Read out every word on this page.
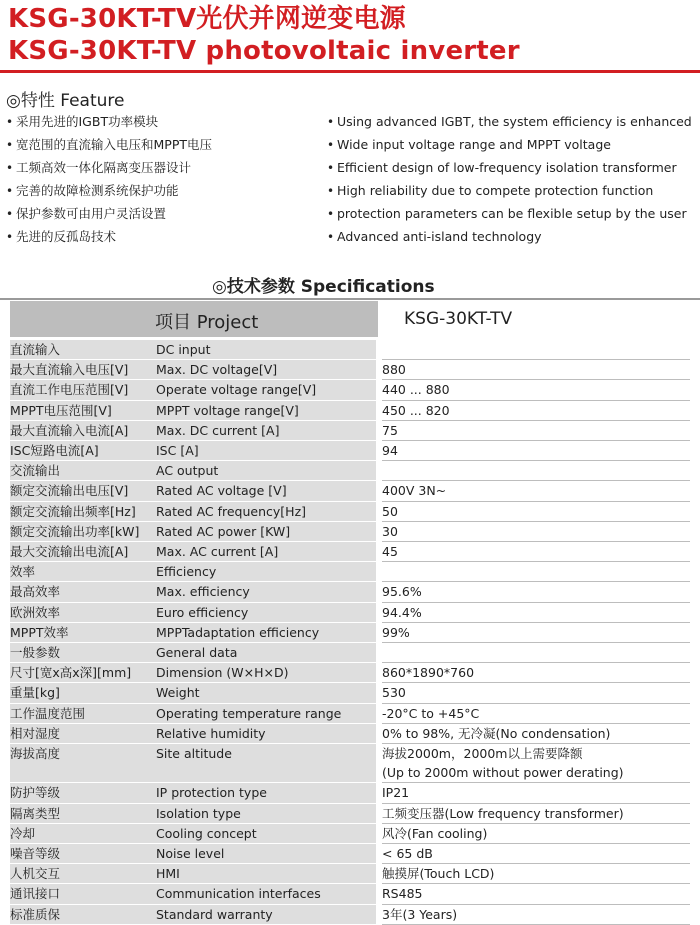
KSG-30KT-TV光伏并网逆变电源
KSG-30KT-TV photovoltaic inverter
◎特性 Feature
• 采用先进的IGBT功率模块
• 宽范围的直流输入电压和MPPT电压
• 工频高效一体化隔离变压器设计
• 完善的故障检测系统保护功能
• 保护参数可由用户灵活设置
• 先进的反孤岛技术
• Using advanced IGBT, the system efficiency is enhanced
• Wide input voltage range and MPPT voltage
• Efficient design of low-frequency isolation transformer
• High reliability due to compete protection function
• protection parameters can be flexible setup by the user
• Advanced anti-island technology
◎技术参数 Specifications
项目 Project	KSG-30KT-TV
直流输入	DC input		
最大直流输入电压[V]	Max. DC voltage[V]		880
直流工作电压范围[V]	Operate voltage range[V]		440 ... 880
MPPT电压范围[V]	MPPT voltage range[V]		450 ... 820
最大直流输入电流[A]	Max. DC current [A]		75
ISC短路电流[A]	ISC [A]		94
交流输出	AC output		
额定交流输出电压[V]	Rated AC voltage [V]		400V 3N~
额定交流输出频率[Hz]	Rated AC frequency[Hz]		50
额定交流输出功率[kW]	Rated AC power [KW]		30
最大交流输出电流[A]	Max. AC current [A]		45
效率	Efficiency		
最高效率	Max. efficiency		95.6%
欧洲效率	Euro efficiency		94.4%
MPPT效率	MPPTadaptation efficiency		99%
一般参数	General data		
尺寸[宽x高x深][mm]	Dimension (W×H×D)		860*1890*760
重量[kg]	Weight		530
工作温度范围	Operating temperature range		-20°C to +45°C
相对湿度	Relative humidity		0% to 98%, 无冷凝(No condensation)
海拔高度	Site altitude		海拔2000m，2000m以上需要降额
(Up to 2000m without power derating)

防护等级	IP protection type		IP21
隔离类型	Isolation type		工频变压器(Low frequency transformer)
冷却	Cooling concept		风冷(Fan cooling)
噪音等级	Noise level		< 65 dB
人机交互	HMI		触摸屏(Touch LCD)
通讯接口	Communication interfaces		RS485
标准质保	Standard warranty		3年(3 Years)
